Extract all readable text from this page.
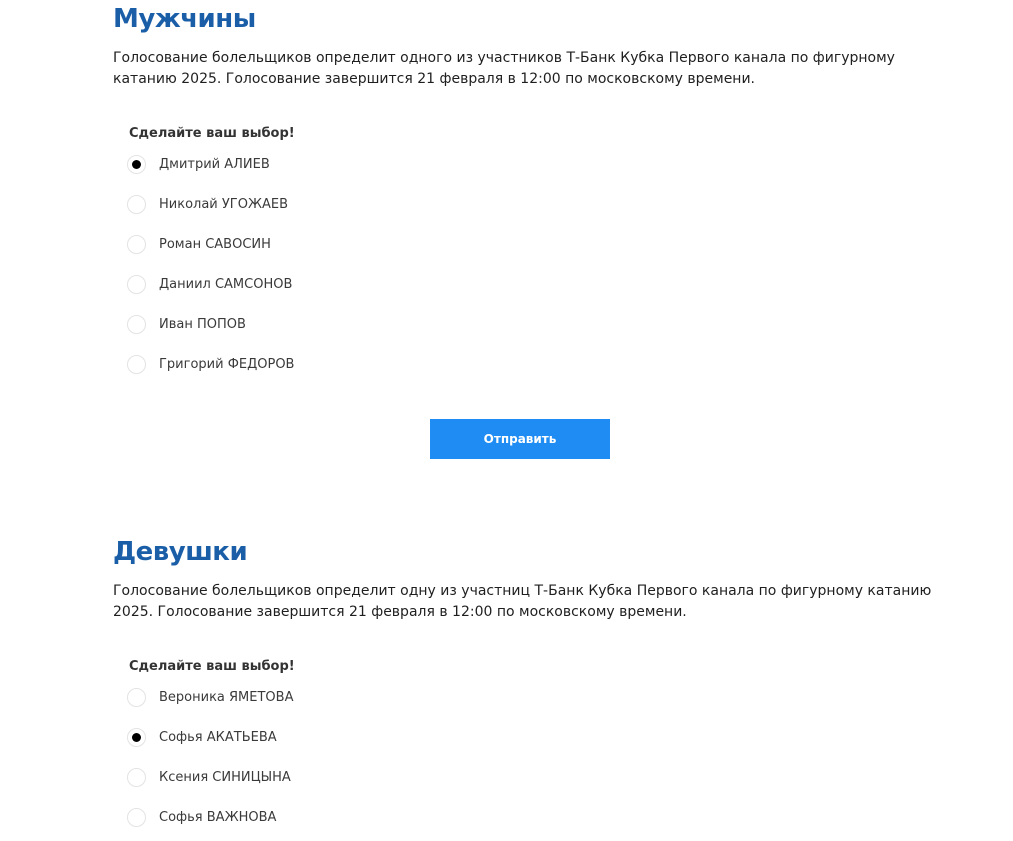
Мужчины

Голосование болельщиков определит одного из участников Т-Банк Кубка Первого канала по фигурному катанию 2025. Голосование завершится 21 февраля в 12:00 по московскому времени.

Сделайте ваш выбор!
Дмитрий АЛИЕВ
Николай УГОЖАЕВ
Роман САВОСИН
Даниил САМСОНОВ
Иван ПОПОВ
Григорий ФЕДОРОВ
Отправить
Девушки

Голосование болельщиков определит одну из участниц Т-Банк Кубка Первого канала по фигурному катанию 2025. Голосование завершится 21 февраля в 12:00 по московскому времени.

Сделайте ваш выбор!
Вероника ЯМЕТОВА
Софья АКАТЬЕВА
Ксения СИНИЦЫНА
Софья ВАЖНОВА
